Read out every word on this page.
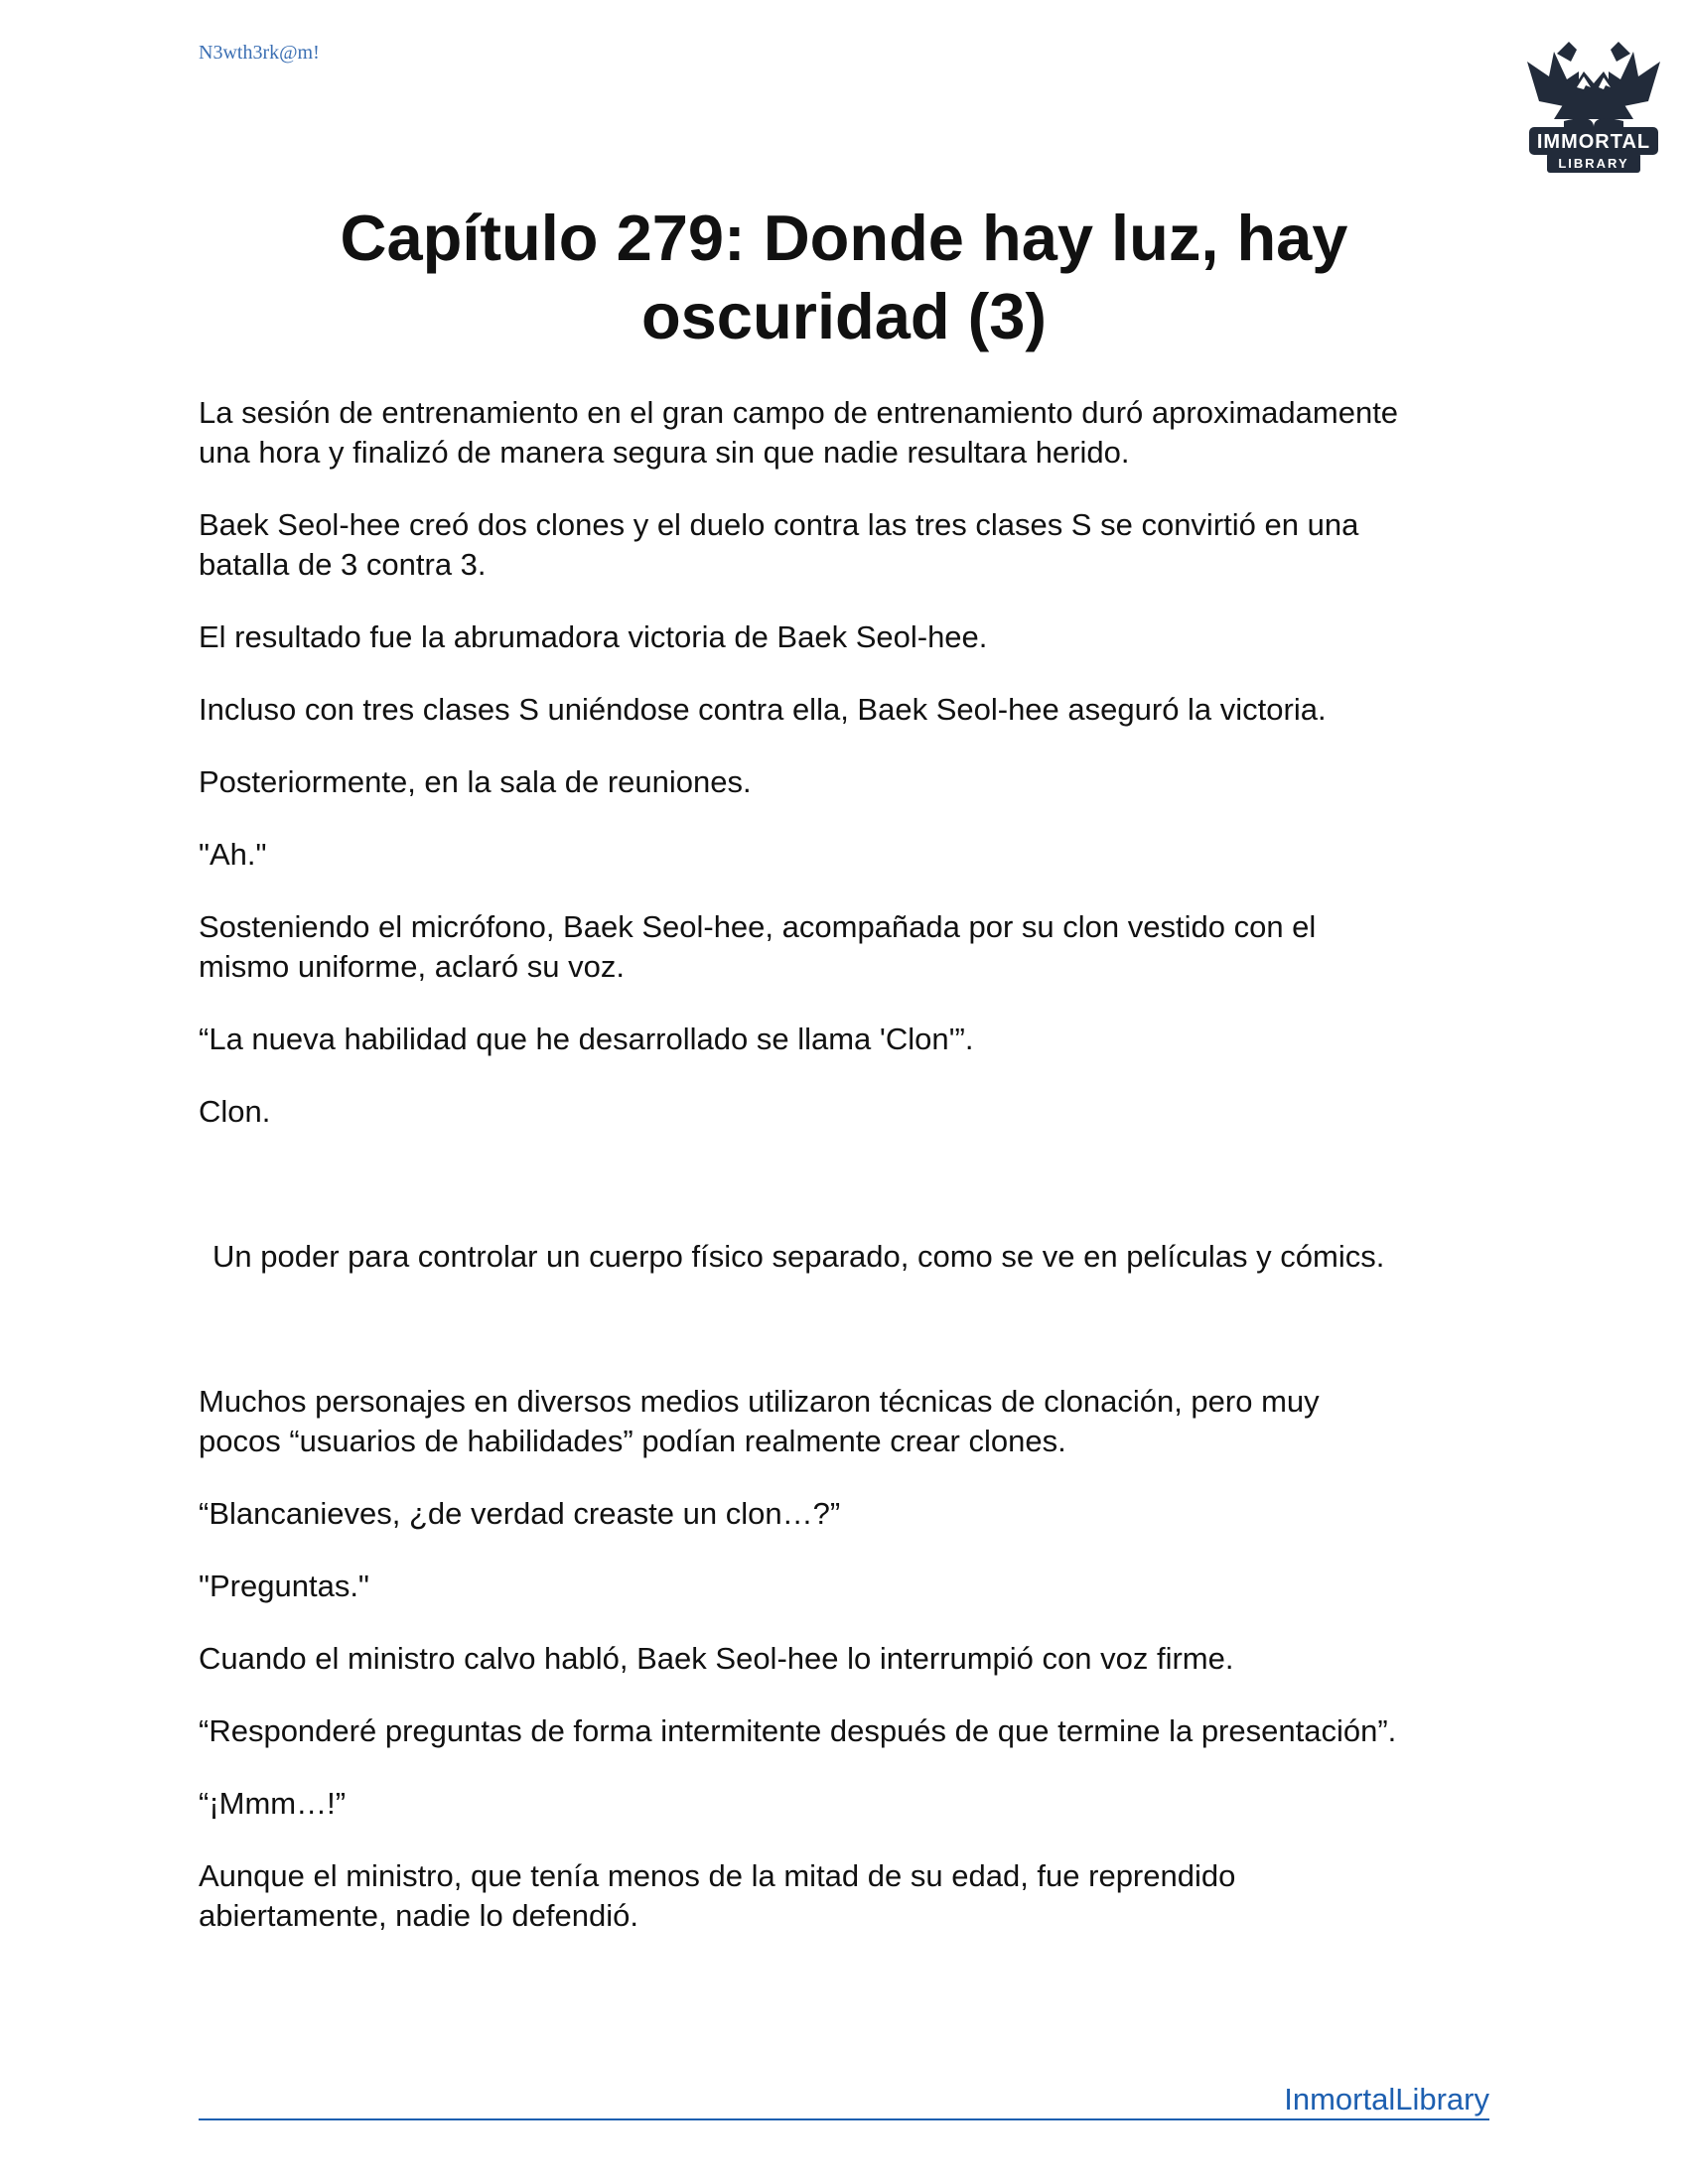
N3wth3rk@m!
IMMORTAL
LIBRARY
Capítulo 279: Donde hay luz, hay
oscuridad (3)

La sesión de entrenamiento en el gran campo de entrenamiento duró aproximadamente
una hora y finalizó de manera segura sin que nadie resultara herido.

Baek Seol-hee creó dos clones y el duelo contra las tres clases S se convirtió en una
batalla de 3 contra 3.

El resultado fue la abrumadora victoria de Baek Seol-hee.

Incluso con tres clases S uniéndose contra ella, Baek Seol-hee aseguró la victoria.

Posteriormente, en la sala de reuniones.

"Ah."

Sosteniendo el micrófono, Baek Seol-hee, acompañada por su clon vestido con el
mismo uniforme, aclaró su voz.

“La nueva habilidad que he desarrollado se llama 'Clon'”.

Clon.

Un poder para controlar un cuerpo físico separado, como se ve en películas y cómics.

Muchos personajes en diversos medios utilizaron técnicas de clonación, pero muy
pocos “usuarios de habilidades” podían realmente crear clones.

“Blancanieves, ¿de verdad creaste un clon…?”

"Preguntas."

Cuando el ministro calvo habló, Baek Seol-hee lo interrumpió con voz firme.

“Responderé preguntas de forma intermitente después de que termine la presentación”.

“¡Mmm…!”

Aunque el ministro, que tenía menos de la mitad de su edad, fue reprendido
abiertamente, nadie lo defendió.

InmortalLibrary
